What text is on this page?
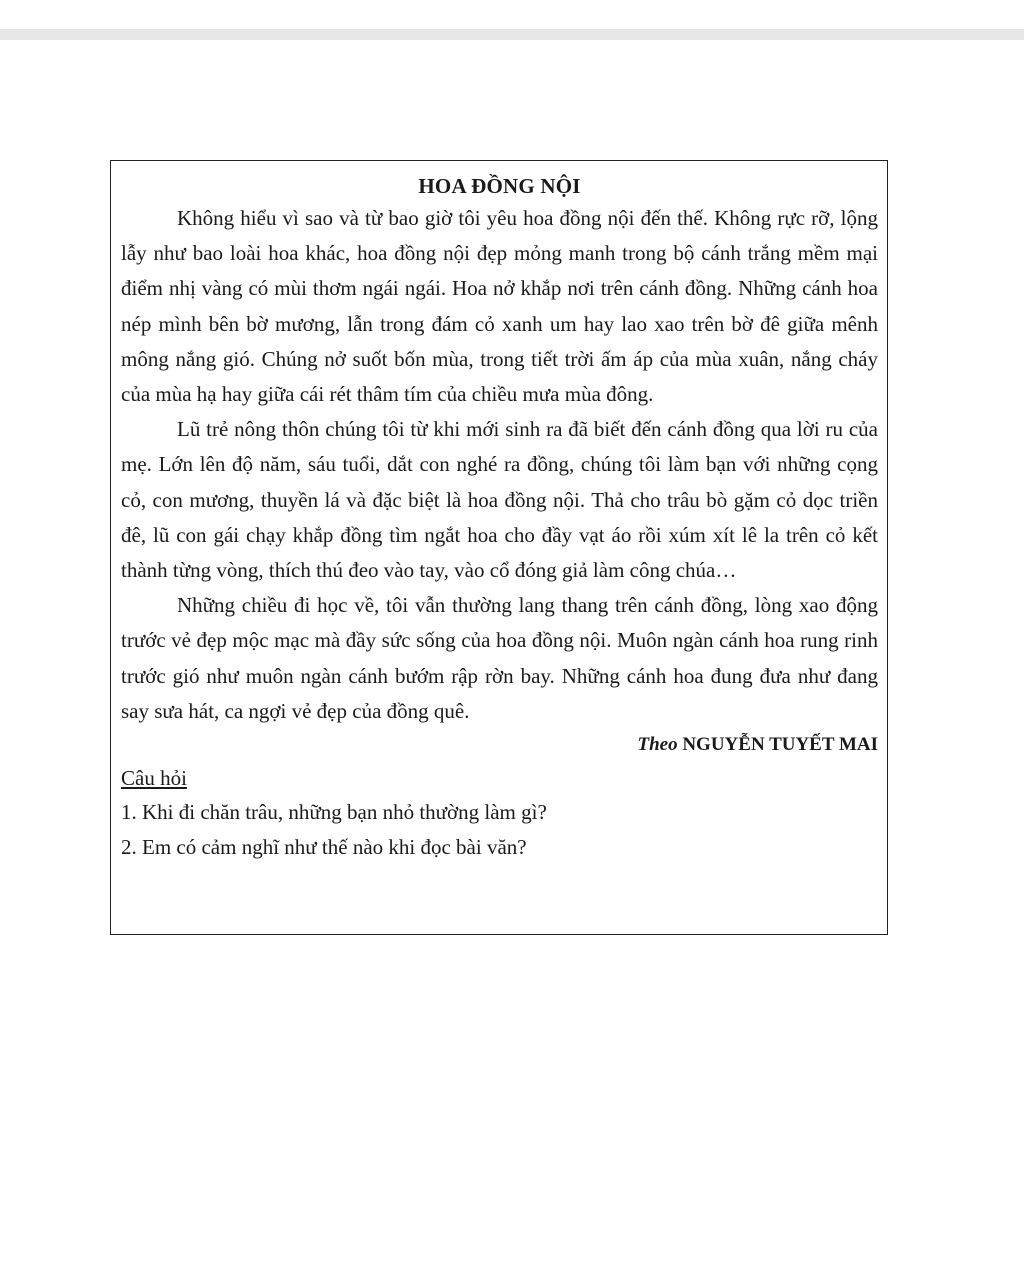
HOA ĐỒNG NỘI

Không hiểu vì sao và từ bao giờ tôi yêu hoa đồng nội đến thế. Không rực rỡ, lộng lẫy như bao loài hoa khác, hoa đồng nội đẹp mỏng manh trong bộ cánh trắng mềm mại điểm nhị vàng có mùi thơm ngái ngái. Hoa nở khắp nơi trên cánh đồng. Những cánh hoa nép mình bên bờ mương, lẫn trong đám cỏ xanh um hay lao xao trên bờ đê giữa mênh mông nắng gió. Chúng nở suốt bốn mùa, trong tiết trời ấm áp của mùa xuân, nắng cháy của mùa hạ hay giữa cái rét thâm tím của chiều mưa mùa đông.

Lũ trẻ nông thôn chúng tôi từ khi mới sinh ra đã biết đến cánh đồng qua lời ru của mẹ. Lớn lên độ năm, sáu tuổi, dắt con nghé ra đồng, chúng tôi làm bạn với những cọng cỏ, con mương, thuyền lá và đặc biệt là hoa đồng nội. Thả cho trâu bò gặm cỏ dọc triền đê, lũ con gái chạy khắp đồng tìm ngắt hoa cho đầy vạt áo rồi xúm xít lê la trên cỏ kết thành từng vòng, thích thú đeo vào tay, vào cổ đóng giả làm công chúa…

Những chiều đi học về, tôi vẫn thường lang thang trên cánh đồng, lòng xao động trước vẻ đẹp mộc mạc mà đầy sức sống của hoa đồng nội. Muôn ngàn cánh hoa rung rinh trước gió như muôn ngàn cánh bướm rập rờn bay. Những cánh hoa đung đưa như đang say sưa hát, ca ngợi vẻ đẹp của đồng quê.

Theo NGUYỄN TUYẾT MAI

Câu hỏi

1. Khi đi chăn trâu, những bạn nhỏ thường làm gì?

2. Em có cảm nghĩ như thế nào khi đọc bài văn?
